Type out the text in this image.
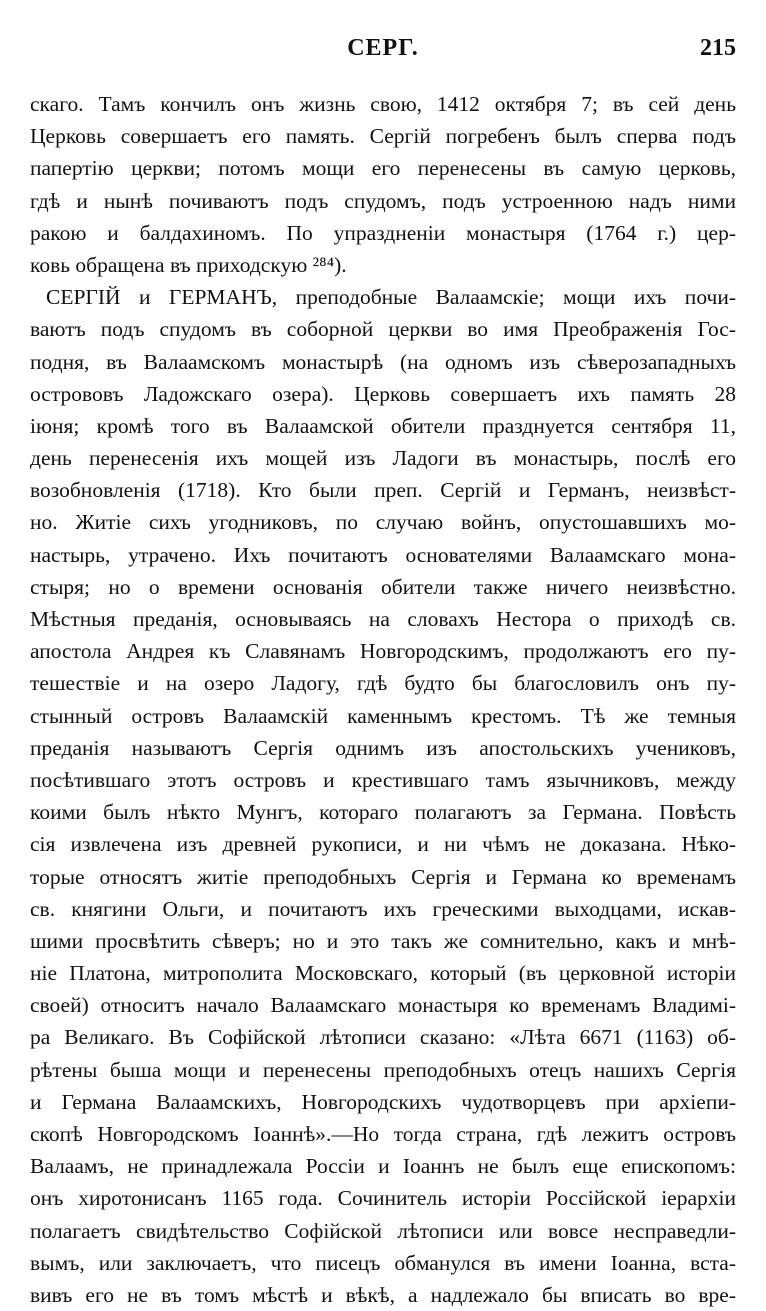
СЕРГ.	215
скаго. Тамъ кончилъ онъ жизнь свою, 1412 октября 7; въ сей день
Церковь совершаетъ его память. Сергій погребенъ былъ сперва подъ
папертію церкви; потомъ мощи его перенесены въ самую церковь,
гдѣ и нынѣ почиваютъ подъ спудомъ, подъ устроенною надъ ними
ракою и балдахиномъ. По упраздненіи монастыря (1764 г.) цер-
ковь обращена въ приходскую ²⁸⁴).
СЕРГІЙ и ГЕРМАНЪ, преподобные Валаамскіе; мощи ихъ почи-
ваютъ подъ спудомъ въ соборной церкви во имя Преображенія Гос-
подня, въ Валаамскомъ монастырѣ (на одномъ изъ сѣверозападныхъ
острововъ Ладожскаго озера). Церковь совершаетъ ихъ память 28
іюня; кромѣ того въ Валаамской обители празднуется сентября 11,
день перенесенія ихъ мощей изъ Ладоги въ монастырь, послѣ его
возобновленія (1718). Кто были преп. Сергій и Германъ, неизвѣст-
но. Житіе сихъ угодниковъ, по случаю войнъ, опустошавшихъ мо-
настырь, утрачено. Ихъ почитаютъ основателями Валаамскаго мона-
стыря; но о времени основанія обители также ничего неизвѣстно.
Мѣстныя преданія, основываясь на словахъ Нестора о приходѣ св.
апостола Андрея къ Славянамъ Новгородскимъ, продолжаютъ его пу-
тешествіе и на озеро Ладогу, гдѣ будто бы благословилъ онъ пу-
стынный островъ Валаамскій каменнымъ крестомъ. Тѣ же темныя
преданія называютъ Сергія однимъ изъ апостольскихъ учениковъ,
посѣтившаго этотъ островъ и крестившаго тамъ язычниковъ, между
коими былъ нѣкто Мунгъ, котораго полагаютъ за Германа. Повѣсть
сія извлечена изъ древней рукописи, и ни чѣмъ не доказана. Нѣко-
торые относятъ житіе преподобныхъ Сергія и Германа ко временамъ
св. княгини Ольги, и почитаютъ ихъ греческими выходцами, искав-
шими просвѣтить сѣверъ; но и это такъ же сомнительно, какъ и мнѣ-
ніе Платона, митрополита Московскаго, который (въ церковной исторіи
своей) относитъ начало Валаамскаго монастыря ко временамъ Владимі-
ра Великаго. Въ Софійской лѣтописи сказано: «Лѣта 6671 (1163) об-
рѣтены быша мощи и перенесены преподобныхъ отецъ нашихъ Сергія
и Германа Валаамскихъ, Новгородскихъ чудотворцевъ при архіепи-
скопѣ Новгородскомъ Іоаннѣ».—Но тогда страна, гдѣ лежитъ островъ
Валаамъ, не принадлежала Россіи и Іоаннъ не былъ еще епископомъ:
онъ хиротонисанъ 1165 года. Сочинитель исторіи Россійской іерархіи
полагаетъ свидѣтельство Софійской лѣтописи или вовсе несправедли-
вымъ, или заключаетъ, что писецъ обманулся въ имени Іоанна, вста-
вивъ его не въ томъ мѣстѣ и вѣкѣ, а надлежало бы вписать во вре-
